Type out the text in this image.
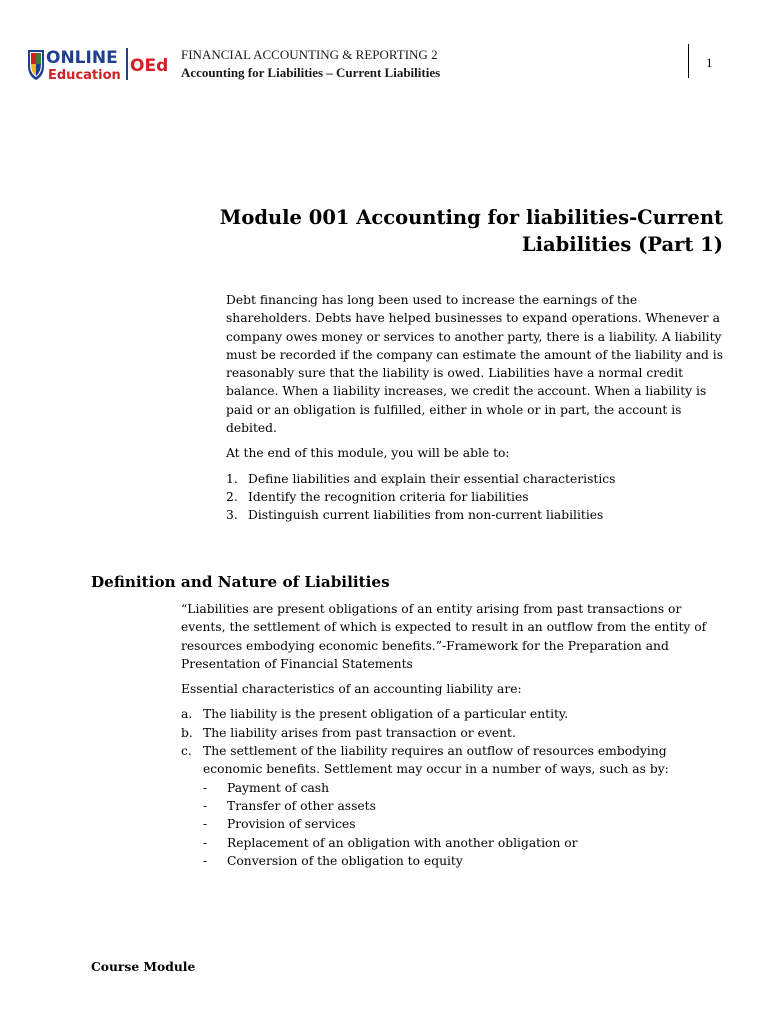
ONLINE
Education OEd
FINANCIAL ACCOUNTING & REPORTING 2
Accounting for Liabilities – Current Liabilities
1
Module 001 Accounting for liabilities-Current
Liabilities (Part 1)

Debt financing has long been used to increase the earnings of the shareholders. Debts have helped businesses to expand operations. Whenever a company owes money or services to another party, there is a liability. A liability must be recorded if the company can estimate the amount of the liability and is reasonably sure that the liability is owed. Liabilities have a normal credit balance. When a liability increases, we credit the account. When a liability is paid or an obligation is fulfilled, either in whole or in part, the account is debited.

At the end of this module, you will be able to:

1. Define liabilities and explain their essential characteristics
2. Identify the recognition criteria for liabilities
3. Distinguish current liabilities from non-current liabilities
Definition and Nature of Liabilities

“Liabilities are present obligations of an entity arising from past transactions or events, the settlement of which is expected to result in an outflow from the entity of resources embodying economic benefits.”-Framework for the Preparation and Presentation of Financial Statements

Essential characteristics of an accounting liability are:

a. The liability is the present obligation of a particular entity.
b. The liability arises from past transaction or event.
c. The settlement of the liability requires an outflow of resources embodying economic benefits. Settlement may occur in a number of ways, such as by:
- Payment of cash
- Transfer of other assets
- Provision of services
- Replacement of an obligation with another obligation or
- Conversion of the obligation to equity
Course Module
